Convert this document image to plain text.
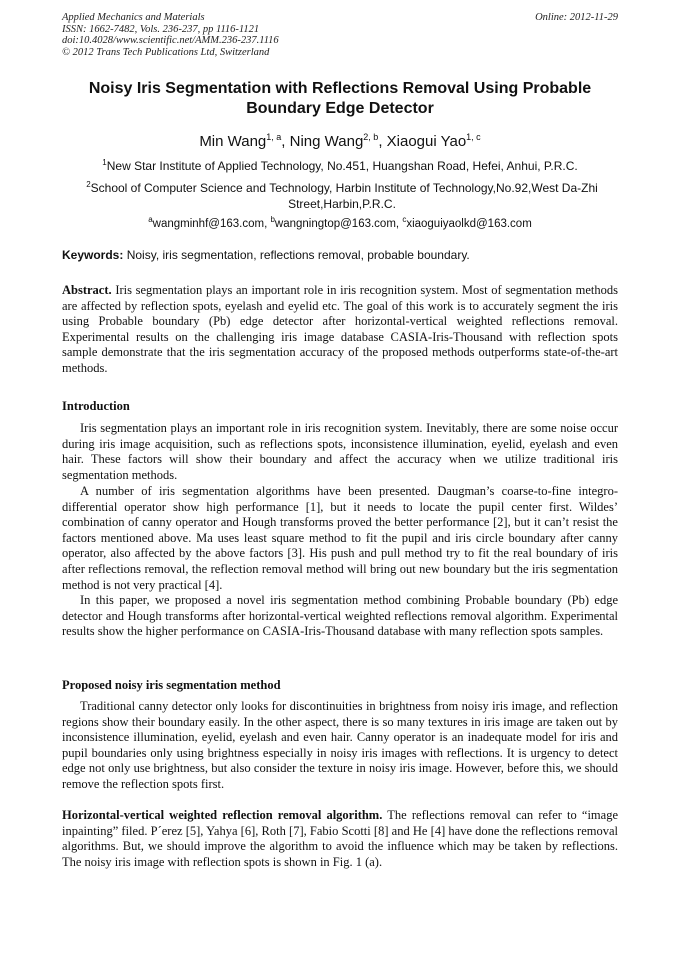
Applied Mechanics and Materials
ISSN: 1662-7482, Vols. 236-237, pp 1116-1121
doi:10.4028/www.scientific.net/AMM.236-237.1116
© 2012 Trans Tech Publications Ltd, Switzerland
Online: 2012-11-29
Noisy Iris Segmentation with Reflections Removal Using Probable Boundary Edge Detector
Min Wang$^{1, a}$, Ning Wang$^{2, b}$, Xiaogui Yao$^{1, c}$
$^1$New Star Institute of Applied Technology, No.451, Huangshan Road, Hefei, Anhui, P.R.C.
$^2$School of Computer Science and Technology, Harbin Institute of Technology,No.92,West Da-Zhi Street,Harbin,P.R.C.
$^a$wangminhf@163.com, $^b$wangningtop@163.com, $^c$xiaoguiyaolkd@163.com
Keywords: Noisy, iris segmentation, reflections removal, probable boundary.
Abstract. Iris segmentation plays an important role in iris recognition system. Most of segmentation methods are affected by reflection spots, eyelash and eyelid etc. The goal of this work is to accurately segment the iris using Probable boundary (Pb) edge detector after horizontal-vertical weighted reflections removal. Experimental results on the challenging iris image database CASIA-Iris-Thousand with reflection spots sample demonstrate that the iris segmentation accuracy of the proposed methods outperforms state-of-the-art methods.
Introduction
Iris segmentation plays an important role in iris recognition system. Inevitably, there are some noise occur during iris image acquisition, such as reflections spots, inconsistence illumination, eyelid, eyelash and even hair. These factors will show their boundary and affect the accuracy when we utilize traditional iris segmentation methods.
A number of iris segmentation algorithms have been presented. Daugman’s coarse-to-fine integro-differential operator show high performance [1], but it needs to locate the pupil center first. Wildes’ combination of canny operator and Hough transforms proved the better performance [2], but it can’t resist the factors mentioned above. Ma uses least square method to fit the pupil and iris circle boundary after canny operator, also affected by the above factors [3]. His push and pull method try to fit the real boundary of iris after reflections removal, the reflection removal method will bring out new boundary but the iris segmentation method is not very practical [4].
In this paper, we proposed a novel iris segmentation method combining Probable boundary (Pb) edge detector and Hough transforms after horizontal-vertical weighted reflections removal algorithm. Experimental results show the higher performance on CASIA-Iris-Thousand database with many reflection spots samples.
Proposed noisy iris segmentation method
Traditional canny detector only looks for discontinuities in brightness from noisy iris image, and reflection regions show their boundary easily. In the other aspect, there is so many textures in iris image are taken out by inconsistence illumination, eyelid, eyelash and even hair. Canny operator is an inadequate model for iris and pupil boundaries only using brightness especially in noisy iris images with reflections. It is urgency to detect edge not only use brightness, but also consider the texture in noisy iris image. However, before this, we should remove the reflection spots first.
Horizontal-vertical weighted reflection removal algorithm. The reflections removal can refer to “image inpainting” filed. P´erez [5], Yahya [6], Roth [7], Fabio Scotti [8] and He [4] have done the reflections removal algorithms. But, we should improve the algorithm to avoid the influence which may be taken by reflections. The noisy iris image with reflection spots is shown in Fig. 1 (a).
